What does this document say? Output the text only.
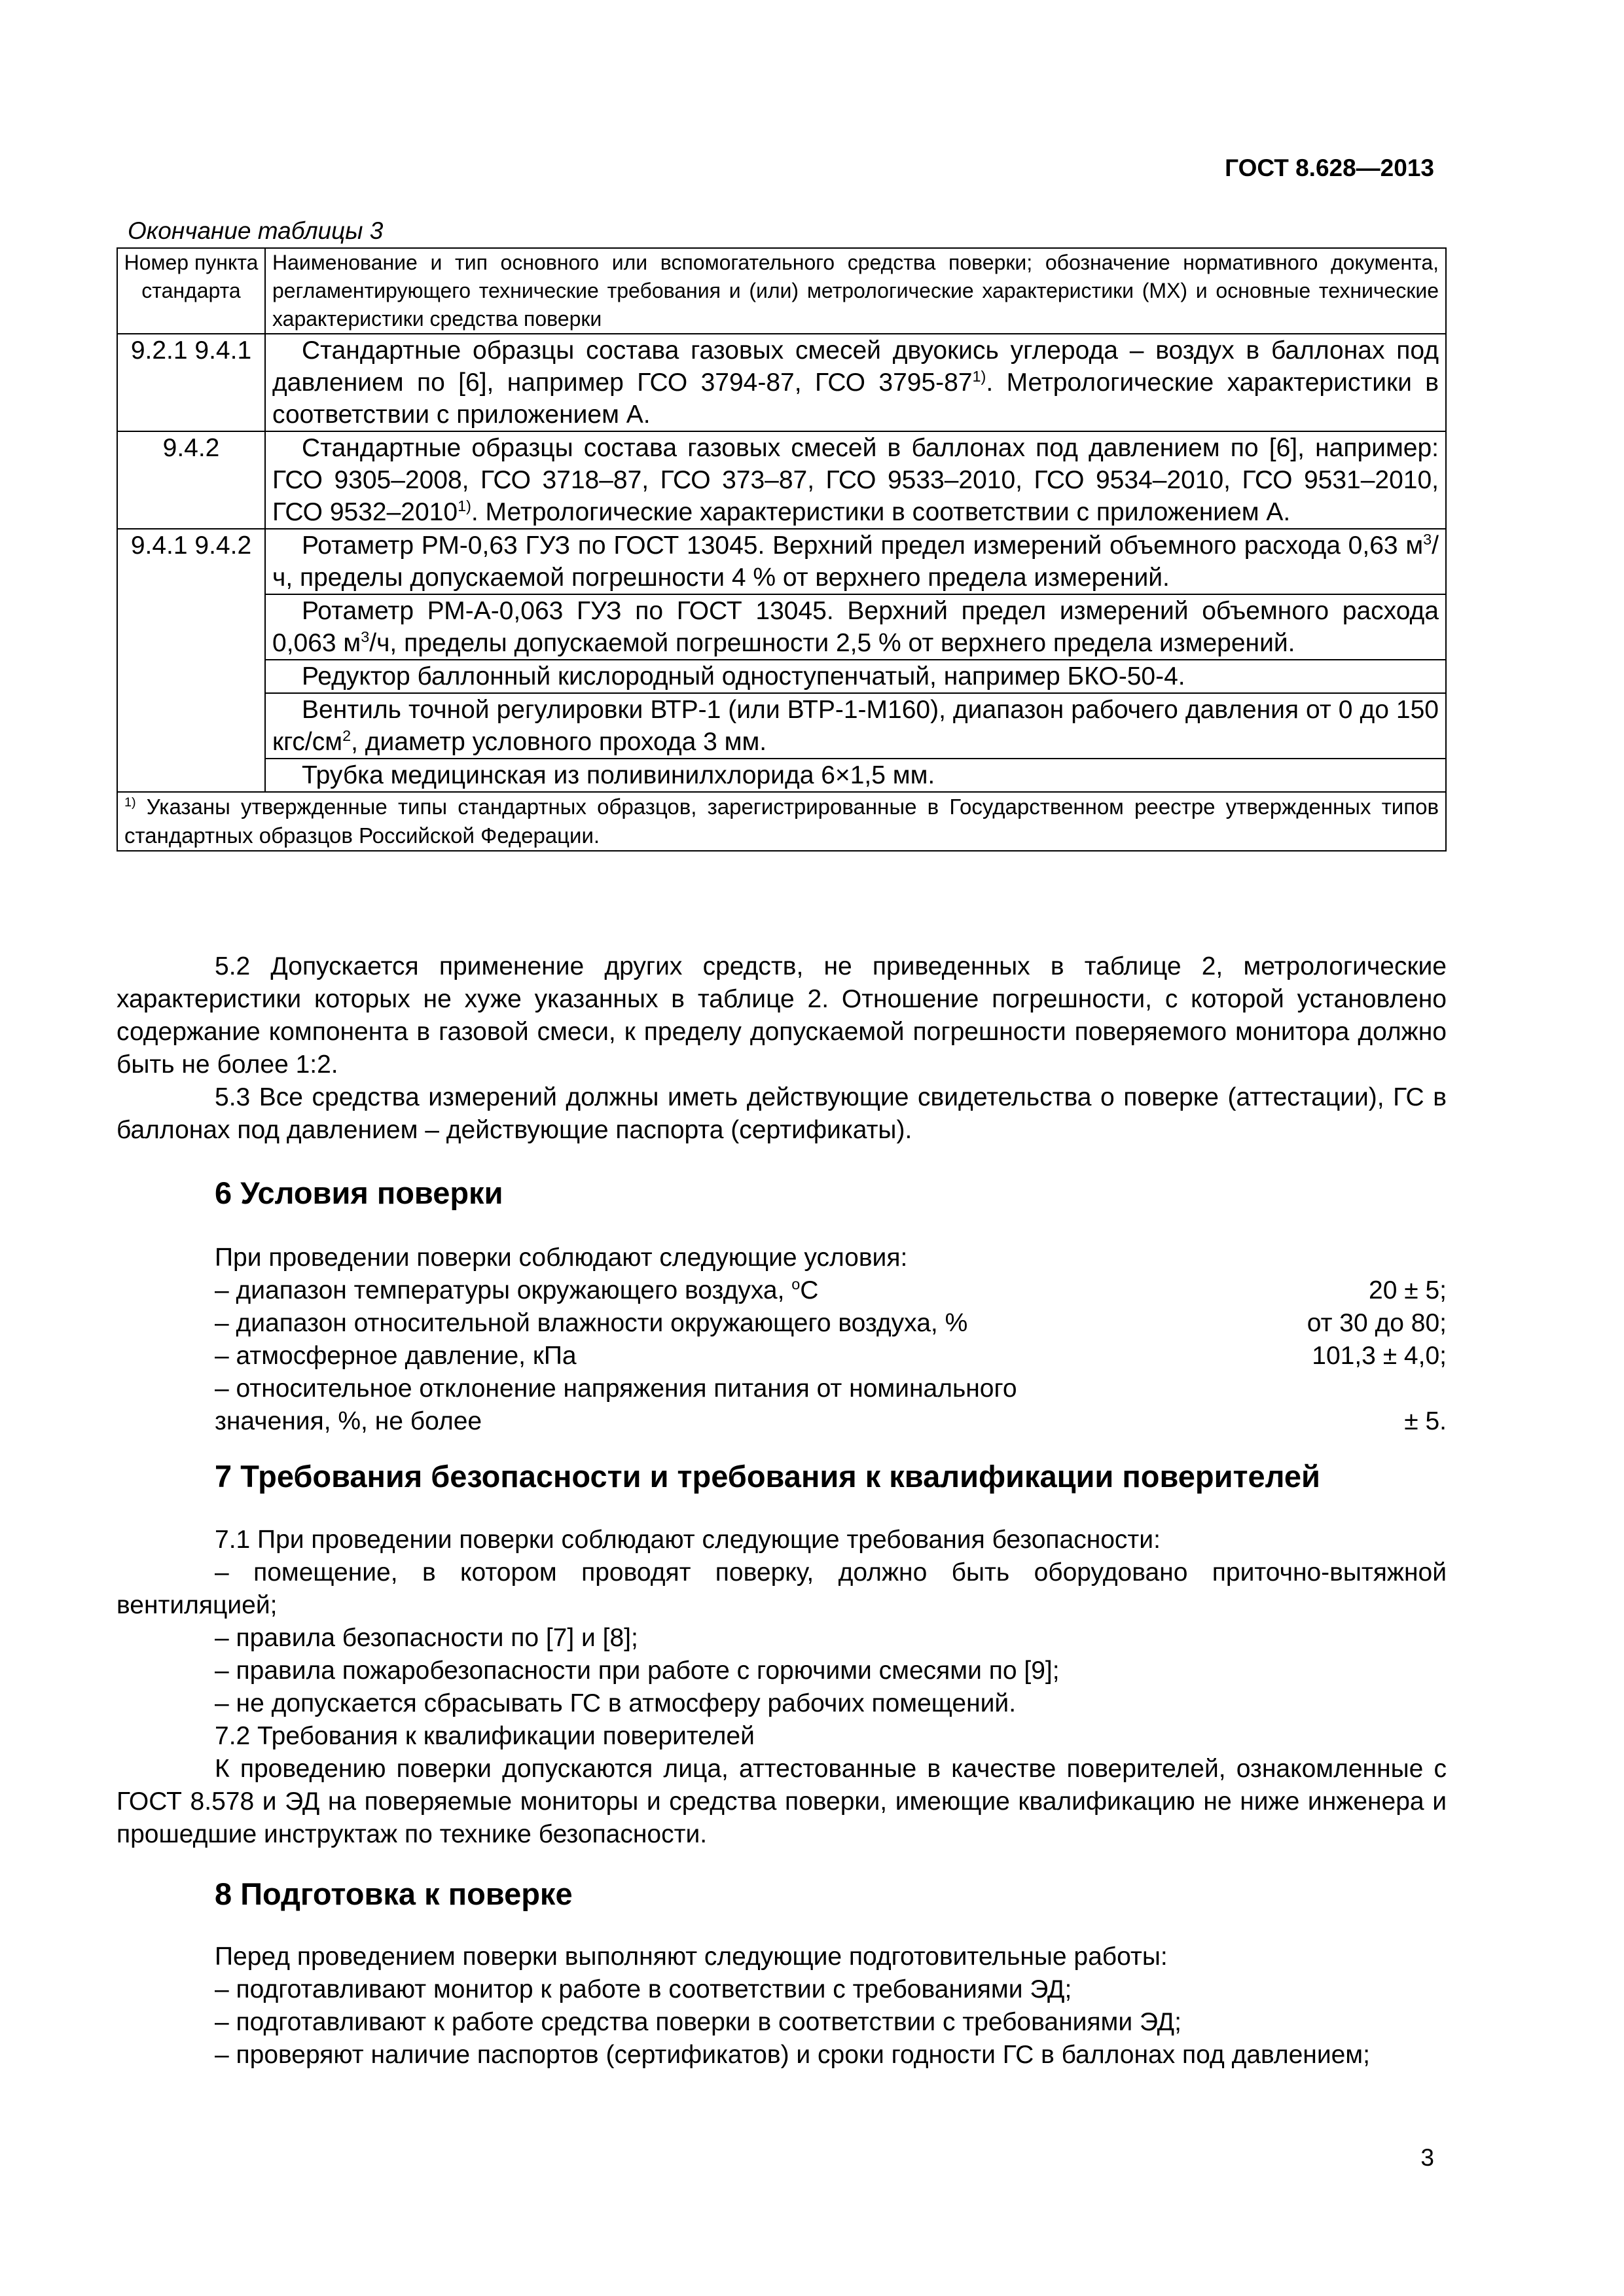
ГОСТ 8.628—2013
Окончание таблицы 3
Номер пункта стандарта	Наименование и тип основного или вспомогательного средства поверки; обозначение нормативного документа, регламентирующего технические требования и (или) метрологические характеристики (МХ) и основные технические характеристики средства поверки
9.2.1 9.4.1	Стандартные образцы состава газовых смесей двуокись углерода – воздух в баллонах под давлением по [6], например ГСО 3794-87, ГСО 3795-87$^{1)}$. Метрологические характеристики в соответствии с приложением А.
9.4.2	Стандартные образцы состава газовых смесей в баллонах под давлением по [6], например: ГСО 9305–2008, ГСО 3718–87, ГСО 373–87, ГСО 9533–2010, ГСО 9534–2010, ГСО 9531–2010, ГСО 9532–2010$^{1)}$. Метрологические характеристики в соответствии с приложением А.
9.4.1 9.4.2	Ротаметр РМ-0,63 ГУЗ по ГОСТ 13045. Верхний предел измерений объемного расхода 0,63 $м^3/ч$, пределы допускаемой погрешности 4 % от верхнего предела измерений.
	Ротаметр РМ-А-0,063 ГУЗ по ГОСТ 13045. Верхний предел измерений объемного расхода 0,063 $м^3/ч$, пределы допускаемой погрешности 2,5 % от верхнего предела измерений.
	Редуктор баллонный кислородный одноступенчатый, например БКО-50-4.
	Вентиль точной регулировки ВТР-1 (или ВТР-1-М160), диапазон рабочего давления от 0 до 150 кгс/$см^2$, диаметр условного прохода 3 мм.
	Трубка медицинская из поливинилхлорида 6×1,5 мм.
$^{1)}$ Указаны утвержденные типы стандартных образцов, зарегистрированные в Государственном реестре утвержденных типов стандартных образцов Российской Федерации.	

5.2 Допускается применение других средств, не приведенных в таблице 2, метрологические характеристики которых не хуже указанных в таблице 2. Отношение погрешности, с которой установлено содержание компонента в газовой смеси, к пределу допускаемой погрешности поверяемого монитора должно быть не более 1:2.

5.3 Все средства измерений должны иметь действующие свидетельства о поверке (аттестации), ГС в баллонах под давлением – действующие паспорта (сертификаты).

6 Условия поверки
При проведении поверки соблюдают следующие условия:
– диапазон температуры окружающего воздуха, $^o$С	20 ± 5;
– диапазон относительной влажности окружающего воздуха, %	от 30 до 80;
– атмосферное давление, кПа	101,3 ± 4,0;
– относительное отклонение напряжения питания от номинального
значения, %, не более	± 5.
7 Требования безопасности и требования к квалификации поверителей

7.1 При проведении поверки соблюдают следующие требования безопасности:

– помещение, в котором проводят поверку, должно быть оборудовано приточно-вытяжной вентиляцией;

– правила безопасности по [7] и [8];

– правила пожаробезопасности при работе с горючими смесями по [9];

– не допускается сбрасывать ГС в атмосферу рабочих помещений.

7.2 Требования к квалификации поверителей

К проведению поверки допускаются лица, аттестованные в качестве поверителей, ознакомленные с ГОСТ 8.578 и ЭД на поверяемые мониторы и средства поверки, имеющие квалификацию не ниже инженера и прошедшие инструктаж по технике безопасности.

8 Подготовка к поверке

Перед проведением поверки выполняют следующие подготовительные работы:

– подготавливают монитор к работе в соответствии с требованиями ЭД;

– подготавливают к работе средства поверки в соответствии с требованиями ЭД;

– проверяют наличие паспортов (сертификатов) и сроки годности ГС в баллонах под давлением;

3
